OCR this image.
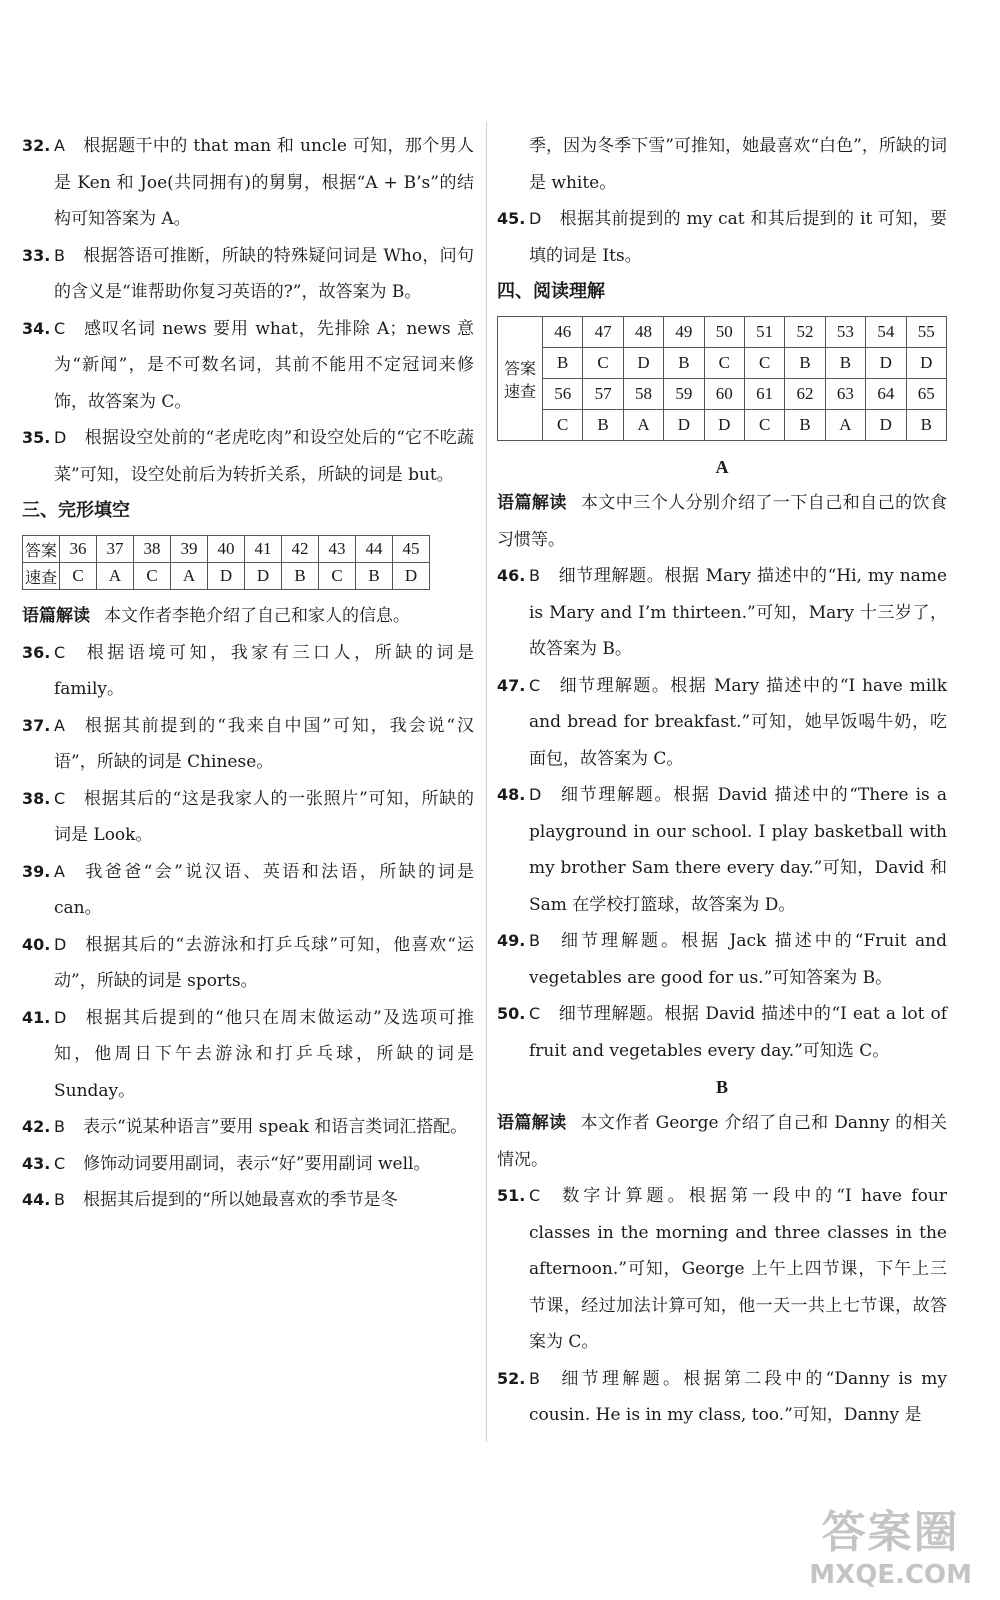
32. A 根据题干中的 that man 和 uncle 可知，那个男人是 Ken 和 Joe(共同拥有)的舅舅，根据“A + B’s”的结构可知答案为 A。
33. B 根据答语可推断，所缺的特殊疑问词是 Who，问句的含义是“谁帮助你复习英语的?”，故答案为 B。
34. C 感叹名词 news 要用 what，先排除 A；news 意为“新闻”，是不可数名词，其前不能用不定冠词来修饰，故答案为 C。
35. D 根据设空处前的“老虎吃肉”和设空处后的“它不吃蔬菜”可知，设空处前后为转折关系，所缺的词是 but。
三、完形填空
答案	36	37	38	39	40	41	42	43	44	45
速查	C	A	C	A	D	D	B	C	B	D
语篇解读 本文作者李艳介绍了自己和家人的信息。
36. C 根据语境可知，我家有三口人，所缺的词是 family。
37. A 根据其前提到的“我来自中国”可知，我会说“汉语”，所缺的词是 Chinese。
38. C 根据其后的“这是我家人的一张照片”可知，所缺的词是 Look。
39. A 我爸爸“会”说汉语、英语和法语，所缺的词是 can。
40. D 根据其后的“去游泳和打乒乓球”可知，他喜欢“运动”，所缺的词是 sports。
41. D 根据其后提到的“他只在周末做运动”及选项可推知，他周日下午去游泳和打乒乓球，所缺的词是 Sunday。
42. B 表示“说某种语言”要用 speak 和语言类词汇搭配。
43. C 修饰动词要用副词，表示“好”要用副词 well。
44. B 根据其后提到的“所以她最喜欢的季节是冬
季，因为冬季下雪”可推知，她最喜欢“白色”，所缺的词是 white。
45. D 根据其前提到的 my cat 和其后提到的 it 可知，要填的词是 Its。
四、阅读理解
答案
速查	46	47	48	49	50	51	52	53	54	55
	B	C	D	B	C	C	B	B	D	D
	56	57	58	59	60	61	62	63	64	65
	C	B	A	D	D	C	B	A	D	B
A
语篇解读 本文中三个人分别介绍了一下自己和自己的饮食习惯等。
46. B 细节理解题。根据 Mary 描述中的“Hi, my name is Mary and I’m thirteen.”可知，Mary 十三岁了，故答案为 B。
47. C 细节理解题。根据 Mary 描述中的“I have milk and bread for breakfast.”可知，她早饭喝牛奶，吃面包，故答案为 C。
48. D 细节理解题。根据 David 描述中的“There is a playground in our school. I play basketball with my brother Sam there every day.”可知，David 和 Sam 在学校打篮球，故答案为 D。
49. B 细节理解题。根据 Jack 描述中的“Fruit and vegetables are good for us.”可知答案为 B。
50. C 细节理解题。根据 David 描述中的“I eat a lot of fruit and vegetables every day.”可知选 C。
B
语篇解读 本文作者 George 介绍了自己和 Danny 的相关情况。
51. C 数字计算题。根据第一段中的“I have four classes in the morning and three classes in the afternoon.”可知，George 上午上四节课，下午上三节课，经过加法计算可知，他一天一共上七节课，故答案为 C。
52. B 细节理解题。根据第二段中的“Danny is my cousin. He is in my class, too.”可知，Danny 是
答案圈
MXQE.COM
